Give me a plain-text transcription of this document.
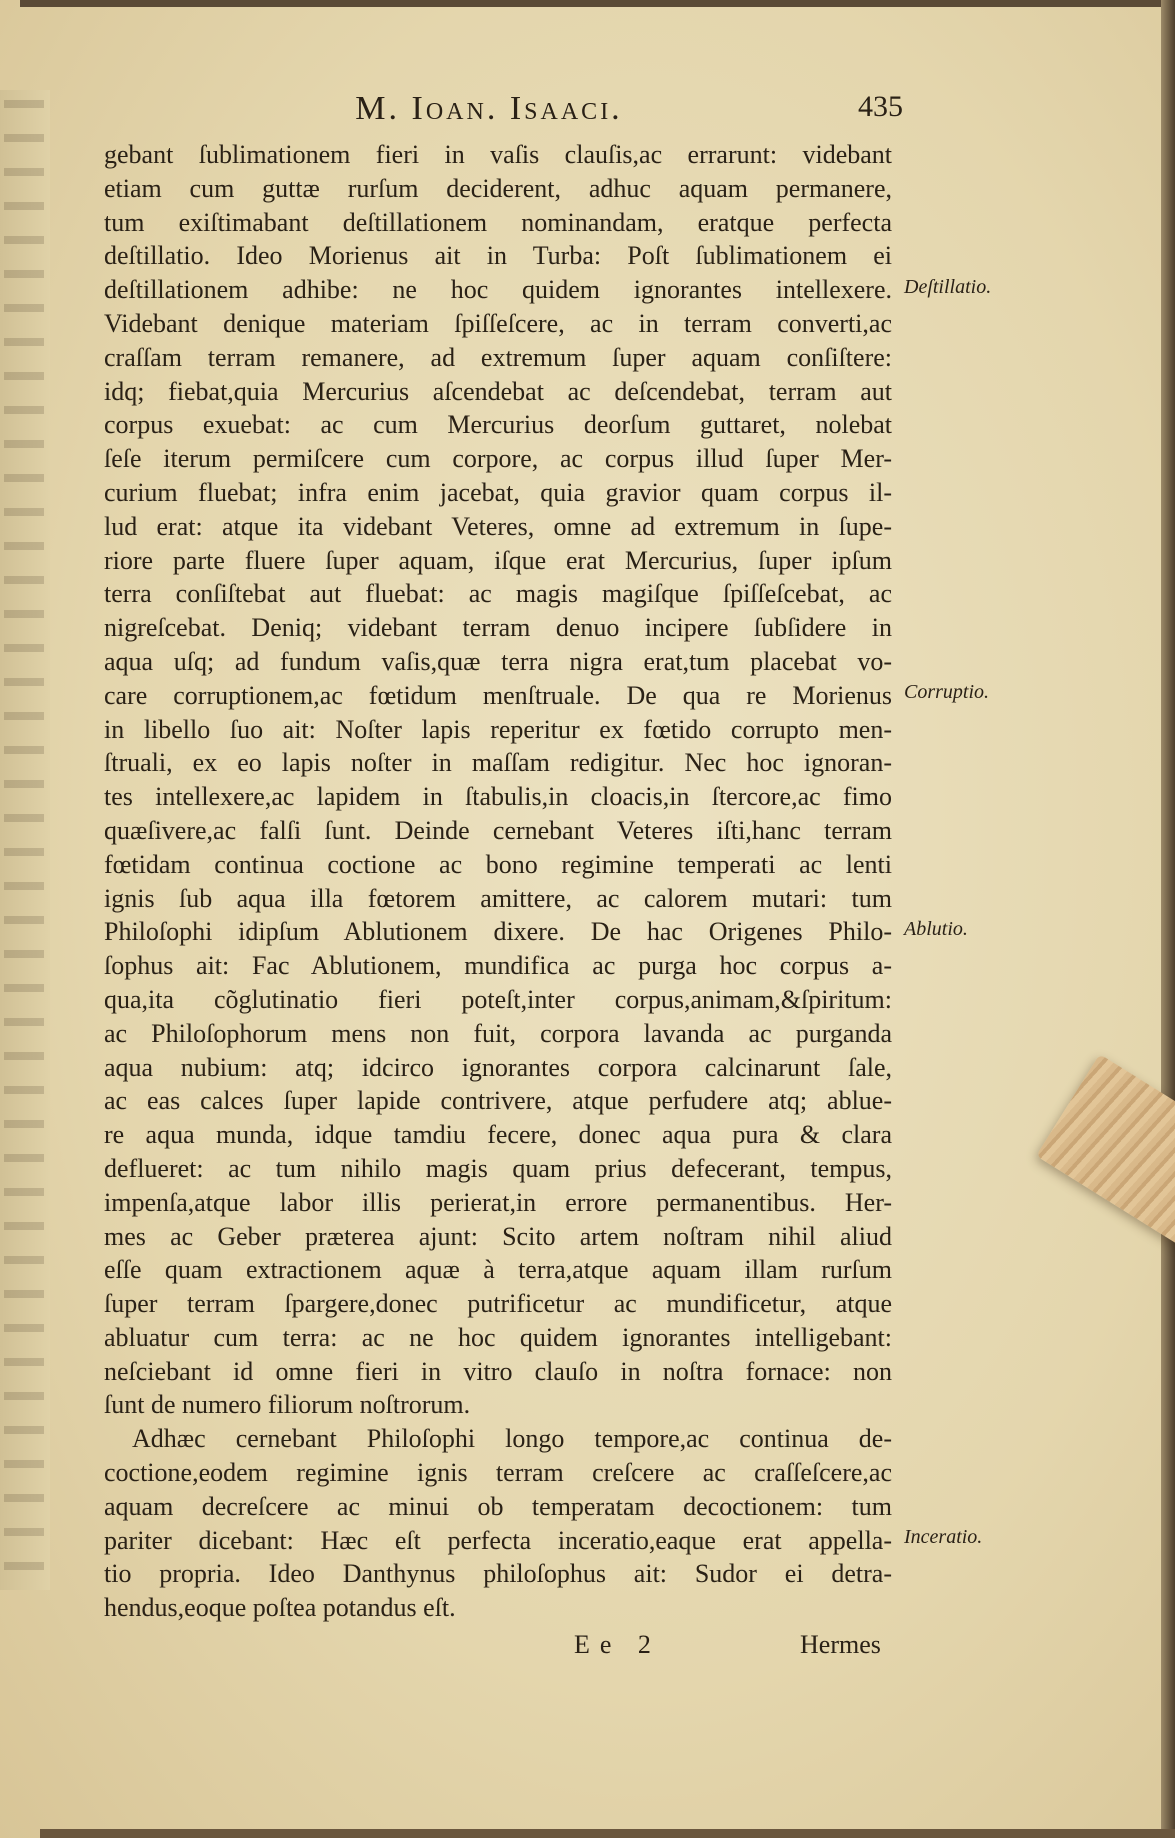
M. Ioan. Isaaci.	435
gebant ſublimationem fieri in vaſis clauſis,ac errarunt: videbant
etiam cum guttæ rurſum deciderent, adhuc aquam permanere,
tum exiſtimabant deſtillationem nominandam, eratque perfecta
deſtillatio. Ideo Morienus ait in Turba: Poſt ſublimationem ei
deſtillationem adhibe: ne hoc quidem ignorantes intellexere.
Videbant denique materiam ſpiſſeſcere, ac in terram converti,ac
craſſam terram remanere, ad extremum ſuper aquam conſiſtere:
idq; fiebat,quia Mercurius aſcendebat ac deſcendebat, terram aut
corpus exuebat: ac cum Mercurius deorſum guttaret, nolebat
ſeſe iterum permiſcere cum corpore, ac corpus illud ſuper Mer-
curium fluebat; infra enim jacebat, quia gravior quam corpus il-
lud erat: atque ita videbant Veteres, omne ad extremum in ſupe-
riore parte fluere ſuper aquam, iſque erat Mercurius, ſuper ipſum
terra conſiſtebat aut fluebat: ac magis magiſque ſpiſſeſcebat, ac
nigreſcebat. Deniq; videbant terram denuo incipere ſubſidere in
aqua uſq; ad fundum vaſis,quæ terra nigra erat,tum placebat vo-
care corruptionem,ac fœtidum menſtruale. De qua re Morienus
in libello ſuo ait: Noſter lapis reperitur ex fœtido corrupto men-
ſtruali, ex eo lapis noſter in maſſam redigitur. Nec hoc ignoran-
tes intellexere,ac lapidem in ſtabulis,in cloacis,in ſtercore,ac fimo
quæſivere,ac falſi ſunt. Deinde cernebant Veteres iſti,hanc terram
fœtidam continua coctione ac bono regimine temperati ac lenti
ignis ſub aqua illa fœtorem amittere, ac calorem mutari: tum
Philoſophi idipſum Ablutionem dixere. De hac Origenes Philo-
ſophus ait: Fac Ablutionem, mundifica ac purga hoc corpus a-
qua,ita cõglutinatio fieri poteſt,inter corpus,animam,&ſpiritum:
ac Philoſophorum mens non fuit, corpora lavanda ac purganda
aqua nubium: atq; idcirco ignorantes corpora calcinarunt ſale,
ac eas calces ſuper lapide contrivere, atque perfudere atq; ablue-
re aqua munda, idque tamdiu fecere, donec aqua pura & clara
deflueret: ac tum nihilo magis quam prius defecerant, tempus,
impenſa,atque labor illis perierat,in errore permanentibus. Her-
mes ac Geber præterea ajunt: Scito artem noſtram nihil aliud
eſſe quam extractionem aquæ à terra,atque aquam illam rurſum
ſuper terram ſpargere,donec putrificetur ac mundificetur, atque
abluatur cum terra: ac ne hoc quidem ignorantes intelligebant:
neſciebant id omne fieri in vitro clauſo in noſtra fornace: non
ſunt de numero filiorum noſtrorum.
Adhæc cernebant Philoſophi longo tempore,ac continua de-
coctione,eodem regimine ignis terram creſcere ac craſſeſcere,ac
aquam decreſcere ac minui ob temperatam decoctionem: tum
pariter dicebant: Hæc eſt perfecta inceratio,eaque erat appella-
tio propria. Ideo Danthynus philoſophus ait: Sudor ei detra-
hendus,eoque poſtea potandus eſt.
Deſtillatio.
Corruptio.
Ablutio.
Inceratio.
Ee 2	Hermes
